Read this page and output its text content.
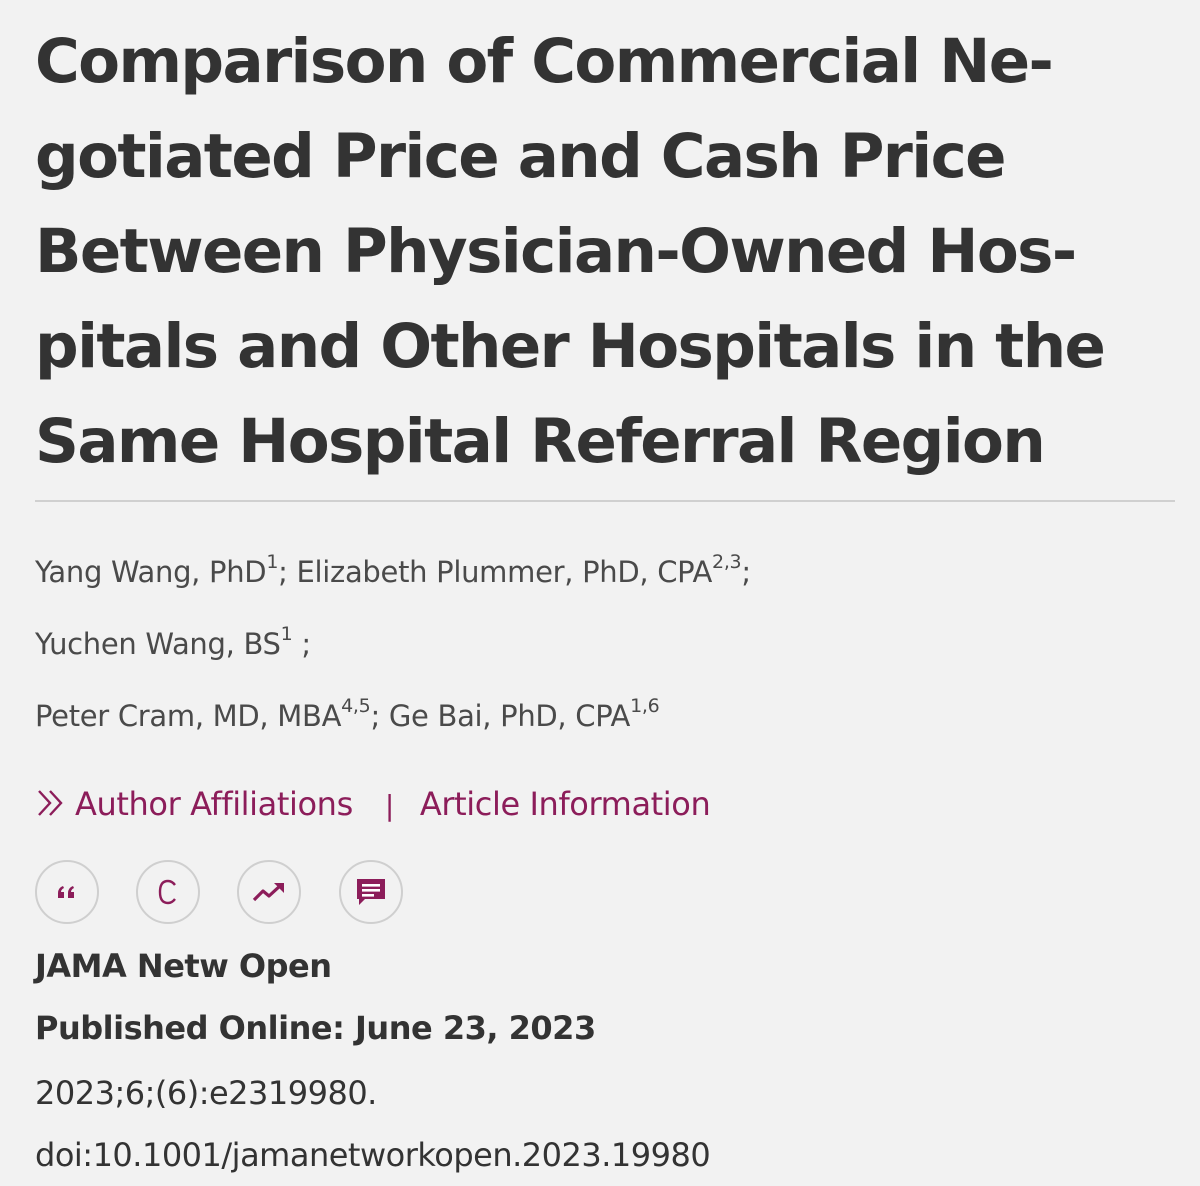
Comparison of Commercial Ne-
gotiated Price and Cash Price
Between Physician-Owned Hos-
pitals and Other Hospitals in the
Same Hospital Referral Region
Yang Wang, PhD$^1$; Elizabeth Plummer, PhD, CPA$^{2,3}$;
Yuchen Wang, $BS^1$ ;
Peter Cram, MD, MBA$^{4,5}$; Ge Bai, PhD, CPA$^{1,6}$
Author Affiliations | Article Information
JAMA Netw Open
Published Online: June 23, 2023
2023;6;(6):e2319980.
doi:10.1001/jamanetworkopen.2023.19980
